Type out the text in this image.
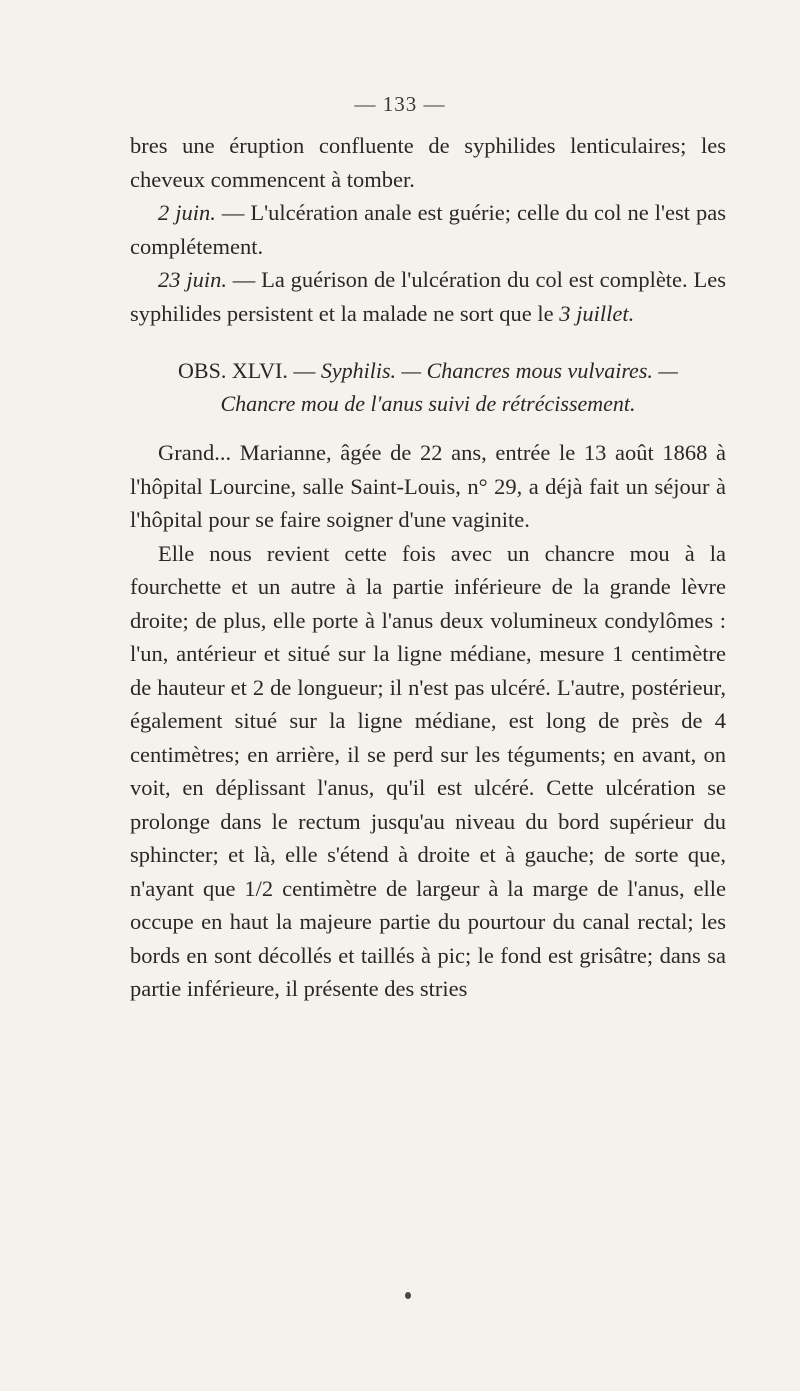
— 133 —

bres une éruption confluente de syphilides lenticulaires; les cheveux commencent à tomber.

2 juin. — L'ulcération anale est guérie; celle du col ne l'est pas complétement.

23 juin. — La guérison de l'ulcération du col est complète. Les syphilides persistent et la malade ne sort que le 3 juillet.

OBS. XLVI. — Syphilis. — Chancres mous vulvaires. —
Chancre mou de l'anus suivi de rétrécissement.

Grand... Marianne, âgée de 22 ans, entrée le 13 août 1868 à l'hôpital Lourcine, salle Saint-Louis, n° 29, a déjà fait un séjour à l'hôpital pour se faire soigner d'une vaginite.

Elle nous revient cette fois avec un chancre mou à la fourchette et un autre à la partie inférieure de la grande lèvre droite; de plus, elle porte à l'anus deux volumineux condylômes : l'un, antérieur et situé sur la ligne médiane, mesure 1 centimètre de hauteur et 2 de longueur; il n'est pas ulcéré. L'autre, postérieur, également situé sur la ligne médiane, est long de près de 4 centimètres; en arrière, il se perd sur les téguments; en avant, on voit, en déplissant l'anus, qu'il est ulcéré. Cette ulcération se prolonge dans le rectum jusqu'au niveau du bord supérieur du sphincter; et là, elle s'étend à droite et à gauche; de sorte que, n'ayant que 1/2 centimètre de largeur à la marge de l'anus, elle occupe en haut la majeure partie du pourtour du canal rectal; les bords en sont décollés et taillés à pic; le fond est grisâtre; dans sa partie inférieure, il présente des stries
